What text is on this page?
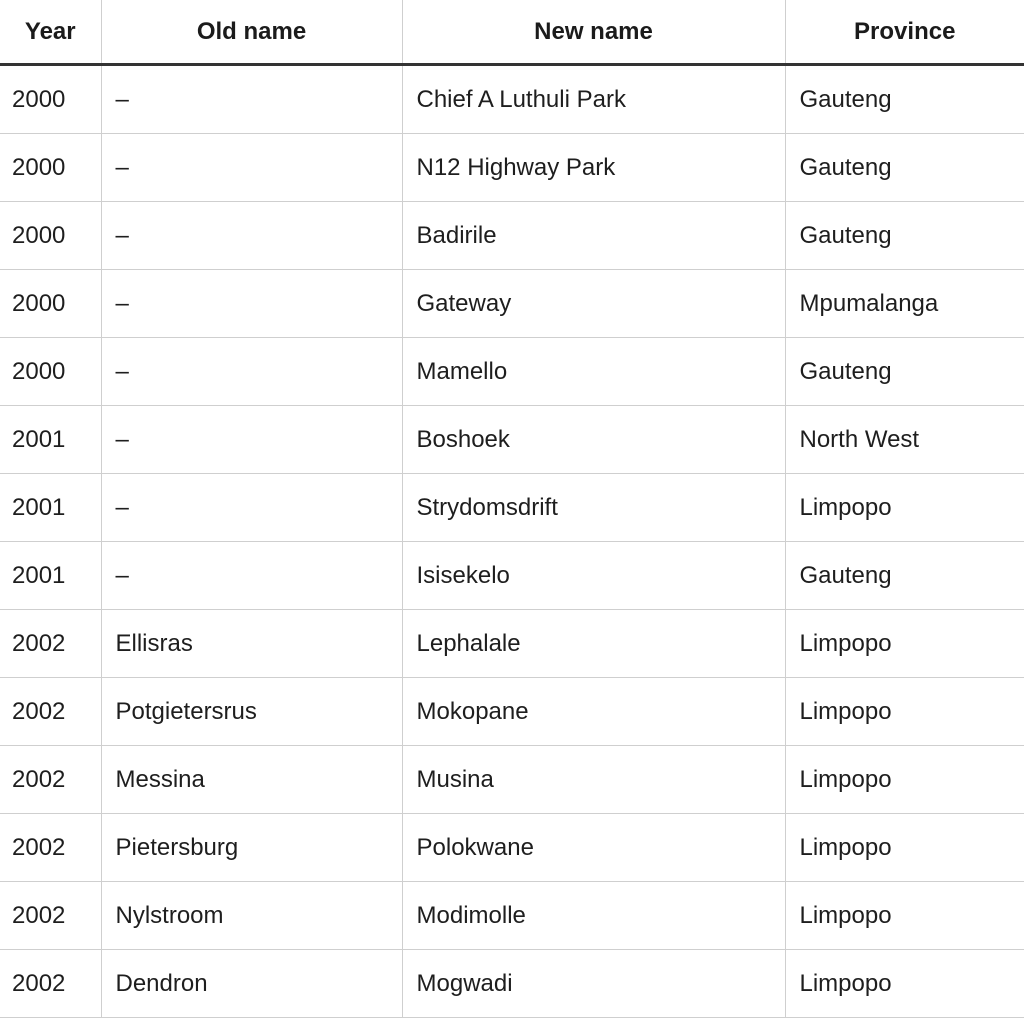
Year	Old name	New name	Province
2000	–	Chief A Luthuli Park	Gauteng
2000	–	N12 Highway Park	Gauteng
2000	–	Badirile	Gauteng
2000	–	Gateway	Mpumalanga
2000	–	Mamello	Gauteng
2001	–	Boshoek	North West
2001	–	Strydomsdrift	Limpopo
2001	–	Isisekelo	Gauteng
2002	Ellisras	Lephalale	Limpopo
2002	Potgietersrus	Mokopane	Limpopo
2002	Messina	Musina	Limpopo
2002	Pietersburg	Polokwane	Limpopo
2002	Nylstroom	Modimolle	Limpopo
2002	Dendron	Mogwadi	Limpopo
